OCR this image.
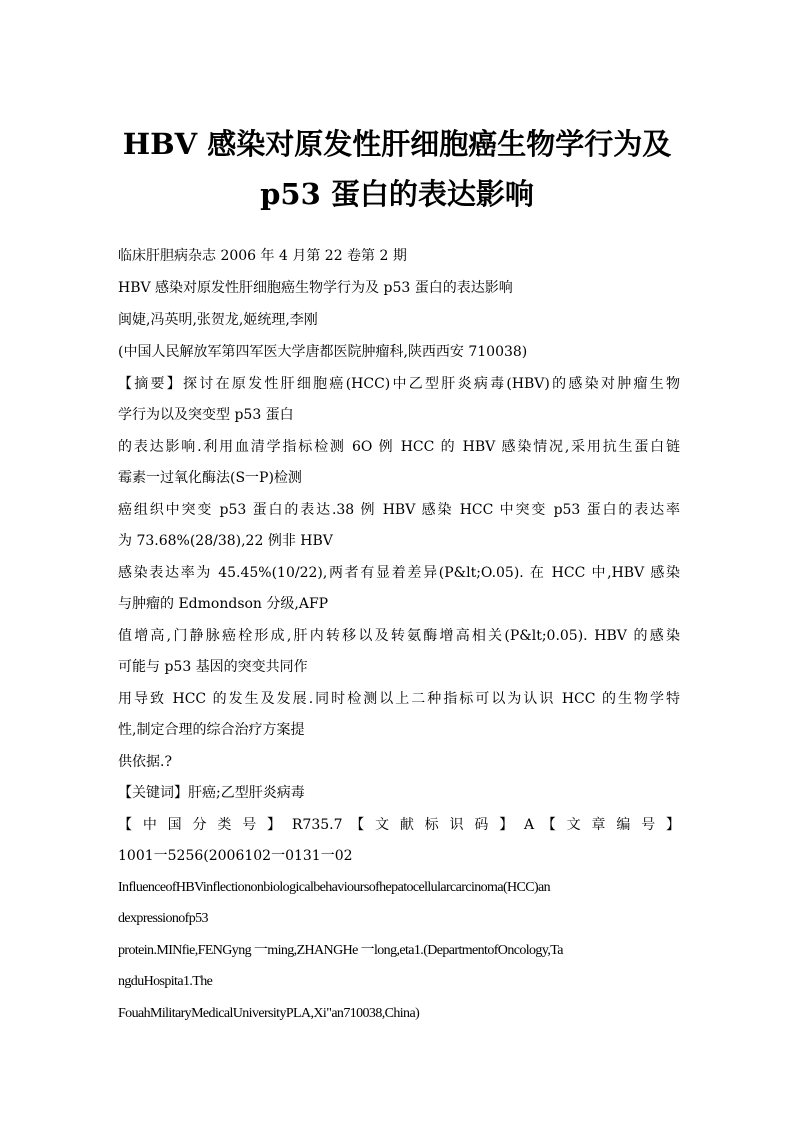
HBV 感染对原发性肝细胞癌生物学行为及
p53 蛋白的表达影响
临床肝胆病杂志 2006 年 4 月第 22 卷第 2 期
HBV 感染对原发性肝细胞癌生物学行为及 p53 蛋白的表达影响
闽婕,冯英明,张贺龙,姬统理,李刚
(中国人民解放军第四军医大学唐都医院肿瘤科,陕西西安 710038)
【摘要】探讨在原发性肝细胞癌(HCC)中乙型肝炎病毒(HBV)的感染对肿瘤生物
学行为以及突变型 p53 蛋白
的表达影响.利用血清学指标检测 6O 例 HCC 的 HBV 感染情况,采用抗生蛋白链
霉素一过氧化酶法(S一P)检测
癌组织中突变 p53 蛋白的表达.38 例 HBV 感染 HCC 中突变 p53 蛋白的表达率
为 73.68%(28/38),22 例非 HBV
感染表达率为 45.45%(10/22),两者有显着差异(P&lt;O.05). 在 HCC 中,HBV 感染
与肿瘤的 Edmondson 分级,AFP
值增高,门静脉癌栓形成,肝内转移以及转氨酶增高相关(P&lt;0.05). HBV 的感染
可能与 p53 基因的突变共同作
用导致 HCC 的发生及发展.同时检测以上二种指标可以为认识 HCC 的生物学特
性,制定合理的综合治疗方案提
供依据.?
【关键词】肝癌;乙型肝炎病毒
【 中 国 分 类 号 】 R735.7 【 文 献 标 识 码 】 A 【 文 章 编 号 】
1001一5256(2006102一0131一02
InfluenceofHBVinflectiononbiologicalbehavioursofhepatocellularcarcinoma(HCC)an
dexpressionofp53
protein.MINfie,FENGyng 一ming,ZHANGHe 一long,eta1.(DepartmentofOncology,Ta
ngduHospita1.The
FouahMilitaryMedicalUniversityPLA,Xi"an710038,China)
